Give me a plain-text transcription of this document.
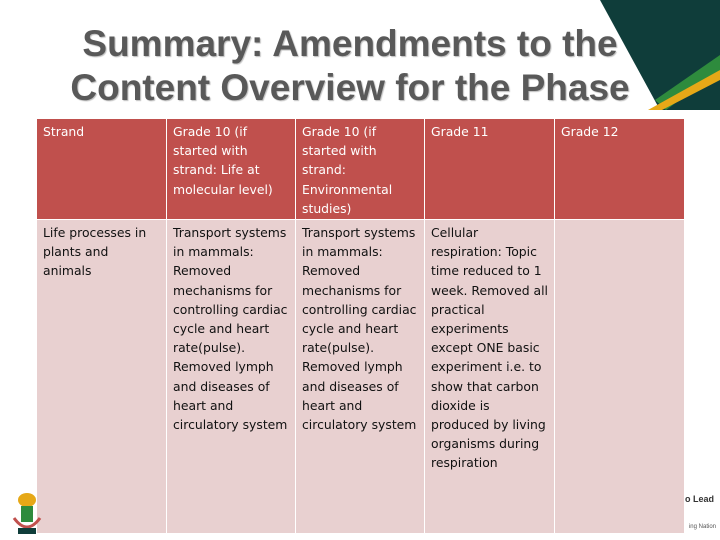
Summary: Amendments to the
Content Overview for the Phase
Strand	Grade 10 (if started with strand: Life at molecular level)	Grade 10 (if started with strand: Environmental studies)	Grade 11	Grade 12
Life processes in plants and animals	Transport systems in mammals: Removed mechanisms for controlling cardiac cycle and heart rate(pulse). Removed lymph and diseases of heart and circulatory system	Transport systems in mammals: Removed mechanisms for controlling cardiac cycle and heart rate(pulse). Removed lymph and diseases of heart and circulatory system	Cellular respiration: Topic time reduced to 1 week. Removed all practical experiments except ONE basic experiment i.e. to show that carbon dioxide is produced by living organisms during respiration	
o Lead
ing Nation
